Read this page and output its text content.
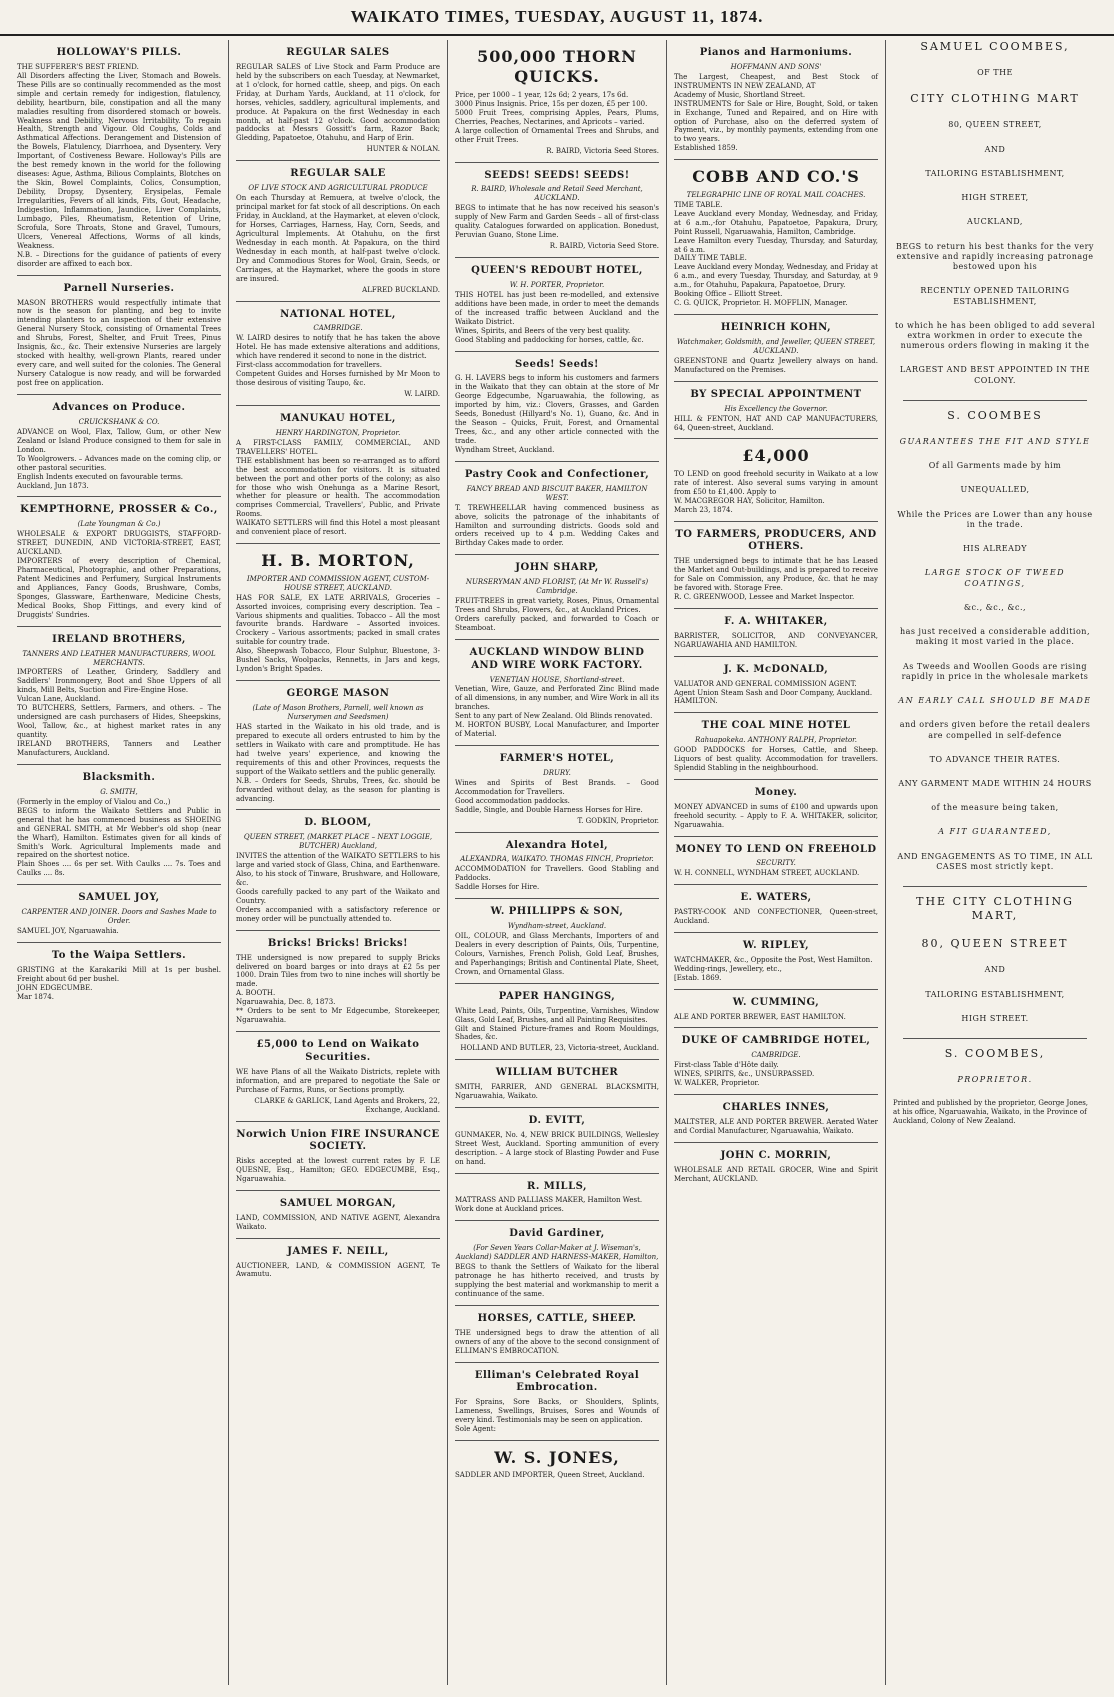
WAIKATO TIMES, TUESDAY, AUGUST 11, 1874.
HOLLOWAY'S PILLS.

THE SUFFERER'S BEST FRIEND.
All Disorders affecting the Liver, Stomach and Bowels. These Pills are so continually recommended as the most simple and certain remedy for indigestion, flatulency, debility, heartburn, bile, constipation and all the many maladies resulting from disordered stomach or bowels. Weakness and Debility, Nervous Irritability. To regain Health, Strength and Vigour. Old Coughs, Colds and Asthmatical Affections. Derangement and Distension of the Bowels, Flatulency, Diarrhoea, and Dysentery. Very Important, of Costiveness Beware. Holloway's Pills are the best remedy known in the world for the following diseases: Ague, Asthma, Bilious Complaints, Blotches on the Skin, Bowel Complaints, Colics, Consumption, Debility, Dropsy, Dysentery, Erysipelas, Female Irregularities, Fevers of all kinds, Fits, Gout, Headache, Indigestion, Inflammation, Jaundice, Liver Complaints, Lumbago, Piles, Rheumatism, Retention of Urine, Scrofula, Sore Throats, Stone and Gravel, Tumours, Ulcers, Venereal Affections, Worms of all kinds, Weakness.
N.B. – Directions for the guidance of patients of every disorder are affixed to each box.

Parnell Nurseries.

MASON BROTHERS would respectfully intimate that now is the season for planting, and beg to invite intending planters to an inspection of their extensive General Nursery Stock, consisting of Ornamental Trees and Shrubs, Forest, Shelter, and Fruit Trees, Pinus Insignis, &c., &c. Their extensive Nurseries are largely stocked with healthy, well-grown Plants, reared under every care, and well suited for the colonies. The General Nursery Catalogue is now ready, and will be forwarded post free on application.

Advances on Produce.
CRUICKSHANK & CO.

ADVANCE on Wool, Flax, Tallow, Gum, or other New Zealand or Island Produce consigned to them for sale in London.
To Woolgrowers. – Advances made on the coming clip, or other pastoral securities.
English Indents executed on favourable terms.
Auckland, Jun 1873.

KEMPTHORNE, PROSSER & Co.,
(Late Youngman & Co.)

WHOLESALE & EXPORT DRUGGISTS, STAFFORD-STREET, DUNEDIN, AND VICTORIA-STREET, EAST, AUCKLAND.
IMPORTERS of every description of Chemical, Pharmaceutical, Photographic, and other Preparations, Patent Medicines and Perfumery, Surgical Instruments and Appliances, Fancy Goods, Brushware, Combs, Sponges, Glassware, Earthenware, Medicine Chests, Medical Books, Shop Fittings, and every kind of Druggists' Sundries.

IRELAND BROTHERS,
TANNERS AND LEATHER MANUFACTURERS, WOOL MERCHANTS.

IMPORTERS of Leather, Grindery, Saddlery and Saddlers' Ironmongery, Boot and Shoe Uppers of all kinds, Mill Belts, Suction and Fire-Engine Hose.
Vulcan Lane, Auckland.
TO BUTCHERS, Settlers, Farmers, and others. – The undersigned are cash purchasers of Hides, Sheepskins, Wool, Tallow, &c., at highest market rates in any quantity.
IRELAND BROTHERS, Tanners and Leather Manufacturers, Auckland.

Blacksmith.
G. SMITH,

(Formerly in the employ of Vialou and Co.,)
BEGS to inform the Waikato Settlers and Public in general that he has commenced business as SHOEING and GENERAL SMITH, at Mr Webber's old shop (near the Wharf), Hamilton. Estimates given for all kinds of Smith's Work. Agricultural Implements made and repaired on the shortest notice.
Plain Shoes .... 6s per set. With Caulks .... 7s. Toes and Caulks .... 8s.

SAMUEL JOY,
CARPENTER AND JOINER. Doors and Sashes Made to Order.

SAMUEL JOY, Ngaruawahia.

To the Waipa Settlers.

GRISTING at the Karakariki Mill at 1s per bushel. Freight about 6d per bushel.
JOHN EDGECUMBE.
Mar 1874.

REGULAR SALES

REGULAR SALES of Live Stock and Farm Produce are held by the subscribers on each Tuesday, at Newmarket, at 1 o'clock, for horned cattle, sheep, and pigs. On each Friday, at Durham Yards, Auckland, at 11 o'clock, for horses, vehicles, saddlery, agricultural implements, and produce. At Papakura on the first Wednesday in each month, at half-past 12 o'clock. Good accommodation paddocks at Messrs Gossitt's farm, Razor Back; Gledding, Papatoetoe, Otahuhu, and Harp of Erin.

HUNTER & NOLAN.
REGULAR SALE
OF LIVE STOCK AND AGRICULTURAL PRODUCE

On each Thursday at Remuera, at twelve o'clock, the principal market for fat stock of all descriptions. On each Friday, in Auckland, at the Haymarket, at eleven o'clock, for Horses, Carriages, Harness, Hay, Corn, Seeds, and Agricultural Implements. At Otahuhu, on the first Wednesday in each month. At Papakura, on the third Wednesday in each month, at half-past twelve o'clock. Dry and Commodious Stores for Wool, Grain, Seeds, or Carriages, at the Haymarket, where the goods in store are insured.

ALFRED BUCKLAND.
NATIONAL HOTEL,
CAMBRIDGE.

W. LAIRD desires to notify that he has taken the above Hotel. He has made extensive alterations and additions, which have rendered it second to none in the district.
First-class accommodation for travellers.
Competent Guides and Horses furnished by Mr Moon to those desirous of visiting Taupo, &c.

W. LAIRD.
MANUKAU HOTEL,
HENRY HARDINGTON, Proprietor.

A FIRST-CLASS FAMILY, COMMERCIAL, AND TRAVELLERS' HOTEL.
THE establishment has been so re-arranged as to afford the best accommodation for visitors. It is situated between the port and other ports of the colony; as also for those who wish Onehunga as a Marine Resort, whether for pleasure or health. The accommodation comprises Commercial, Travellers', Public, and Private Rooms.
WAIKATO SETTLERS will find this Hotel a most pleasant and convenient place of resort.

H. B. MORTON,
IMPORTER AND COMMISSION AGENT, CUSTOM-HOUSE STREET, AUCKLAND.

HAS FOR SALE, EX LATE ARRIVALS, Groceries – Assorted invoices, comprising every description. Tea – Various shipments and qualities. Tobacco – All the most favourite brands. Hardware – Assorted invoices. Crockery – Various assortments; packed in small crates suitable for country trade.
Also, Sheepwash Tobacco, Flour Sulphur, Bluestone, 3-Bushel Sacks, Woolpacks, Rennetts, in Jars and kegs, Lyndon's Bright Spades.

GEORGE MASON
(Late of Mason Brothers, Parnell, well known as Nurserymen and Seedsmen)

HAS started in the Waikato in his old trade, and is prepared to execute all orders entrusted to him by the settlers in Waikato with care and promptitude. He has had twelve years' experience, and knowing the requirements of this and other Provinces, requests the support of the Waikato settlers and the public generally.
N.B. – Orders for Seeds, Shrubs, Trees, &c. should be forwarded without delay, as the season for planting is advancing.

D. BLOOM,
QUEEN STREET, (MARKET PLACE – NEXT LOGGIE, BUTCHER) Auckland,

INVITES the attention of the WAIKATO SETTLERS to his large and varied stock of Glass, China, and Earthenware. Also, to his stock of Tinware, Brushware, and Holloware, &c.
Goods carefully packed to any part of the Waikato and Country.
Orders accompanied with a satisfactory reference or money order will be punctually attended to.

Bricks! Bricks! Bricks!

THE undersigned is now prepared to supply Bricks delivered on board barges or into drays at £2 5s per 1000. Drain Tiles from two to nine inches will shortly be made.
A. BOOTH.
Ngaruawahia, Dec. 8, 1873.
** Orders to be sent to Mr Edgecumbe, Storekeeper, Ngaruawahia.

£5,000 to Lend on Waikato Securities.

WE have Plans of all the Waikato Districts, replete with information, and are prepared to negotiate the Sale or Purchase of Farms, Runs, or Sections promptly.

CLARKE & GARLICK, Land Agents and Brokers, 22, Exchange, Auckland.
Norwich Union FIRE INSURANCE SOCIETY.

Risks accepted at the lowest current rates by F. LE QUESNE, Esq., Hamilton; GEO. EDGECUMBE, Esq., Ngaruawahia.

SAMUEL MORGAN,

LAND, COMMISSION, AND NATIVE AGENT, Alexandra Waikato.

JAMES F. NEILL,

AUCTIONEER, LAND, & COMMISSION AGENT, Te Awamutu.

500,000 THORN QUICKS.

Price, per 1000 – 1 year, 12s 6d; 2 years, 17s 6d.
3000 Pinus Insignis. Price, 15s per dozen, £5 per 100.
5000 Fruit Trees, comprising Apples, Pears, Plums, Cherries, Peaches, Nectarines, and Apricots – varied.
A large collection of Ornamental Trees and Shrubs, and other Fruit Trees.

R. BAIRD, Victoria Seed Stores.
SEEDS! SEEDS! SEEDS!
R. BAIRD, Wholesale and Retail Seed Merchant, AUCKLAND.

BEGS to intimate that he has now received his season's supply of New Farm and Garden Seeds – all of first-class quality. Catalogues forwarded on application. Bonedust, Peruvian Guano, Stone Lime.

R. BAIRD, Victoria Seed Store.
QUEEN'S REDOUBT HOTEL,
W. H. PORTER, Proprietor.

THIS HOTEL has just been re-modelled, and extensive additions have been made, in order to meet the demands of the increased traffic between Auckland and the Waikato District.
Wines, Spirits, and Beers of the very best quality.
Good Stabling and paddocking for horses, cattle, &c.

Seeds! Seeds!

G. H. LAVERS begs to inform his customers and farmers in the Waikato that they can obtain at the store of Mr George Edgecumbe, Ngaruawahia, the following, as imported by him, viz.: Clovers, Grasses, and Garden Seeds, Bonedust (Hillyard's No. 1), Guano, &c. And in the Season – Quicks, Fruit, Forest, and Ornamental Trees, &c., and any other article connected with the trade.
Wyndham Street, Auckland.

Pastry Cook and Confectioner,
FANCY BREAD AND BISCUIT BAKER, HAMILTON WEST.

T. TREWHEELLAR having commenced business as above, solicits the patronage of the inhabitants of Hamilton and surrounding districts. Goods sold and orders received up to 4 p.m. Wedding Cakes and Birthday Cakes made to order.

JOHN SHARP,
NURSERYMAN AND FLORIST, (At Mr W. Russell's) Cambridge.

FRUIT-TREES in great variety, Roses, Pinus, Ornamental Trees and Shrubs, Flowers, &c., at Auckland Prices.
Orders carefully packed, and forwarded to Coach or Steamboat.

AUCKLAND WINDOW BLIND AND WIRE WORK FACTORY.
VENETIAN HOUSE, Shortland-street.

Venetian, Wire, Gauze, and Perforated Zinc Blind made of all dimensions, in any number, and Wire Work in all its branches.
Sent to any part of New Zealand. Old Blinds renovated.
M. HORTON BUSBY, Local Manufacturer, and Importer of Material.

FARMER'S HOTEL,
DRURY.

Wines and Spirits of Best Brands. – Good Accommodation for Travellers.
Good accommodation paddocks.
Saddle, Single, and Double Harness Horses for Hire.

T. GODKIN, Proprietor.
Alexandra Hotel,
ALEXANDRA, WAIKATO. THOMAS FINCH, Proprietor.

ACCOMMODATION for Travellers. Good Stabling and Paddocks.
Saddle Horses for Hire.

W. PHILLIPPS & SON,
Wyndham-street, Auckland.

OIL, COLOUR, and Glass Merchants, Importers of and Dealers in every description of Paints, Oils, Turpentine, Colours, Varnishes, French Polish, Gold Leaf, Brushes, and Paperhangings; British and Continental Plate, Sheet, Crown, and Ornamental Glass.

PAPER HANGINGS,

White Lead, Paints, Oils, Turpentine, Varnishes, Window Glass, Gold Leaf, Brushes, and all Painting Requisites.
Gilt and Stained Picture-frames and Room Mouldings, Shades, &c.

HOLLAND AND BUTLER, 23, Victoria-street, Auckland.
WILLIAM BUTCHER

SMITH, FARRIER, AND GENERAL BLACKSMITH, Ngaruawahia, Waikato.

D. EVITT,

GUNMAKER, No. 4, NEW BRICK BUILDINGS, Wellesley Street West, Auckland. Sporting ammunition of every description. – A large stock of Blasting Powder and Fuse on hand.

R. MILLS,

MATTRASS AND PALLIASS MAKER, Hamilton West.
Work done at Auckland prices.

David Gardiner,
(For Seven Years Collar-Maker at J. Wiseman's, Auckland) SADDLER AND HARNESS-MAKER, Hamilton,

BEGS to thank the Settlers of Waikato for the liberal patronage he has hitherto received, and trusts by supplying the best material and workmanship to merit a continuance of the same.

HORSES, CATTLE, SHEEP.

THE undersigned begs to draw the attention of all owners of any of the above to the second consignment of ELLIMAN'S EMBROCATION.

Elliman's Celebrated Royal Embrocation.

For Sprains, Sore Backs, or Shoulders, Splints, Lameness, Swellings, Bruises, Sores and Wounds of every kind. Testimonials may be seen on application.
Sole Agent:

W. S. JONES,

SADDLER AND IMPORTER, Queen Street, Auckland.

Pianos and Harmoniums.
HOFFMANN AND SONS'

The Largest, Cheapest, and Best Stock of INSTRUMENTS IN NEW ZEALAND, AT

Academy of Music, Shortland Street.
INSTRUMENTS for Sale or Hire, Bought, Sold, or taken in Exchange, Tuned and Repaired, and on Hire with option of Purchase, also on the deferred system of Payment, viz., by monthly payments, extending from one to two years.
Established 1859.

COBB AND CO.'S
TELEGRAPHIC LINE OF ROYAL MAIL COACHES.

TIME TABLE.
Leave Auckland every Monday, Wednesday, and Friday, at 6 a.m.,-for Otahuhu, Papatoetoe, Papakura, Drury, Point Russell, Ngaruawahia, Hamilton, Cambridge.
Leave Hamilton every Tuesday, Thursday, and Saturday, at 6 a.m.
DAILY TIME TABLE.
Leave Auckland every Monday, Wednesday, and Friday at 6 a.m., and every Tuesday, Thursday, and Saturday, at 9 a.m., for Otahuhu, Papakura, Papatoetoe, Drury.
Booking Office – Elliott Street.
C. G. QUICK, Proprietor. H. MOFFLIN, Manager.

HEINRICH KOHN,
Watchmaker, Goldsmith, and Jeweller, QUEEN STREET, AUCKLAND.

GREENSTONE and Quartz Jewellery always on hand. Manufactured on the Premises.

BY SPECIAL APPOINTMENT
His Excellency the Governor.

HILL & FENTON, HAT AND CAP MANUFACTURERS, 64, Queen-street, Auckland.

£4,000

TO LEND on good freehold security in Waikato at a low rate of interest. Also several sums varying in amount from £50 to £1,400. Apply to
W. MACGREGOR HAY, Solicitor, Hamilton.
March 23, 1874.

TO FARMERS, PRODUCERS, AND OTHERS.

THE undersigned begs to intimate that he has Leased the Market and Out-buildings, and is prepared to receive for Sale on Commission, any Produce, &c. that he may be favored with. Storage Free.
R. C. GREENWOOD, Lessee and Market Inspector.

F. A. WHITAKER,

BARRISTER, SOLICITOR, AND CONVEYANCER, NGARUAWAHIA AND HAMILTON.

J. K. McDONALD,

VALUATOR AND GENERAL COMMISSION AGENT.
Agent Union Steam Sash and Door Company, Auckland.
HAMILTON.

THE COAL MINE HOTEL
Rahuapokeka. ANTHONY RALPH, Proprietor.

GOOD PADDOCKS for Horses, Cattle, and Sheep. Liquors of best quality. Accommodation for travellers. Splendid Stabling in the neighbourhood.

Money.

MONEY ADVANCED in sums of £100 and upwards upon freehold security. – Apply to F. A. WHITAKER, solicitor, Ngaruawahia.

MONEY TO LEND ON FREEHOLD
SECURITY.

W. H. CONNELL, WYNDHAM STREET, AUCKLAND.

E. WATERS,

PASTRY-COOK AND CONFECTIONER, Queen-street, Auckland.

W. RIPLEY,

WATCHMAKER, &c., Opposite the Post, West Hamilton.
Wedding-rings, Jewellery, etc.,
[Estab. 1869.

W. CUMMING,

ALE AND PORTER BREWER, EAST HAMILTON.

DUKE OF CAMBRIDGE HOTEL,
CAMBRIDGE.

First-class Table d'Hôte daily.
WINES, SPIRITS, &c., UNSURPASSED.
W. WALKER, Proprietor.

CHARLES INNES,

MALTSTER, ALE AND PORTER BREWER. Aerated Water and Cordial Manufacturer, Ngaruawahia, Waikato.

JOHN C. MORRIN,

WHOLESALE AND RETAIL GROCER, Wine and Spirit Merchant, AUCKLAND.

SAMUEL COOMBES,
OF THE
CITY CLOTHING MART
80, QUEEN STREET,
AND
TAILORING ESTABLISHMENT,
HIGH STREET,
AUCKLAND,
BEGS to return his best thanks for the very extensive and rapidly increasing patronage bestowed upon his
RECENTLY OPENED TAILORING ESTABLISHMENT,
to which he has been obliged to add several extra workmen in order to execute the numerous orders flowing in making it the
LARGEST AND BEST APPOINTED IN THE COLONY.
S. COOMBES
GUARANTEES THE FIT AND STYLE
Of all Garments made by him
UNEQUALLED,
While the Prices are Lower than any house in the trade.
HIS ALREADY
LARGE STOCK OF TWEED COATINGS,
&c., &c., &c.,
has just received a considerable addition, making it most varied in the place.
As Tweeds and Woollen Goods are rising rapidly in price in the wholesale markets
AN EARLY CALL SHOULD BE MADE
and orders given before the retail dealers are compelled in self-defence
TO ADVANCE THEIR RATES.
ANY GARMENT MADE WITHIN 24 HOURS
of the measure being taken,
A FIT GUARANTEED,
AND ENGAGEMENTS AS TO TIME, IN ALL CASES most strictly kept.
THE CITY CLOTHING MART,
80, QUEEN STREET
AND
TAILORING ESTABLISHMENT,
HIGH STREET.
S. COOMBES,
PROPRIETOR.
Printed and published by the proprietor, George Jones, at his office, Ngaruawahia, Waikato, in the Province of Auckland, Colony of New Zealand.
